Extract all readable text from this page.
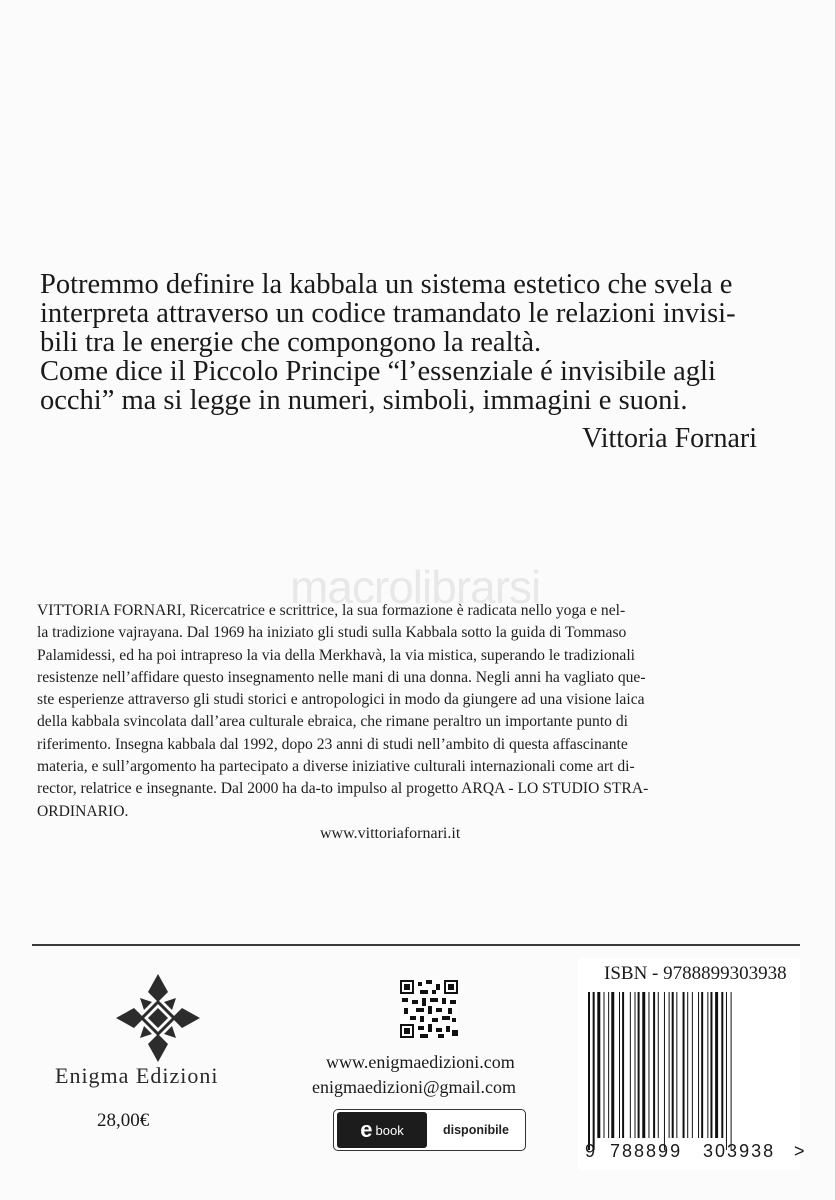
Potremmo definire la kabbala un sistema estetico che svela e

interpreta attraverso un codice tramandato le relazioni invisi-

bili tra le energie che compongono la realtà.

Come dice il Piccolo Principe “l’essenziale é invisibile agli

occhi” ma si legge in numeri, simboli, immagini e suoni.

Vittoria Fornari
macrolibrarsi
VITTORIA FORNARI, Ricercatrice e scrittrice, la sua formazione è radicata nello yoga e nel-
la tradizione vajrayana. Dal 1969 ha iniziato gli studi sulla Kabbala sotto la guida di Tommaso
Palamidessi, ed ha poi intrapreso la via della Merkhavà, la via mistica, superando le tradizionali
resistenze nell’affidare questo insegnamento nelle mani di una donna. Negli anni ha vagliato que-
ste esperienze attraverso gli studi storici e antropologici in modo da giungere ad una visione laica
della kabbala svincolata dall’area culturale ebraica, che rimane peraltro un importante punto di
riferimento. Insegna kabbala dal 1992, dopo 23 anni di studi nell’ambito di questa affascinante
materia, e sull’argomento ha partecipato a diverse iniziative culturali internazionali come art di-
rector, relatrice e insegnante. Dal 2000 ha da-to impulso al progetto ARQA - LO STUDIO STRA-
ORDINARIO.
www.vittoriafornari.it
Enigma Edizioni
28,00€
www.enigmaedizioni.com
enigmaedizioni@gmail.com
e book	disponibile
ISBN - 9788899303938
9 788899 303938 >
